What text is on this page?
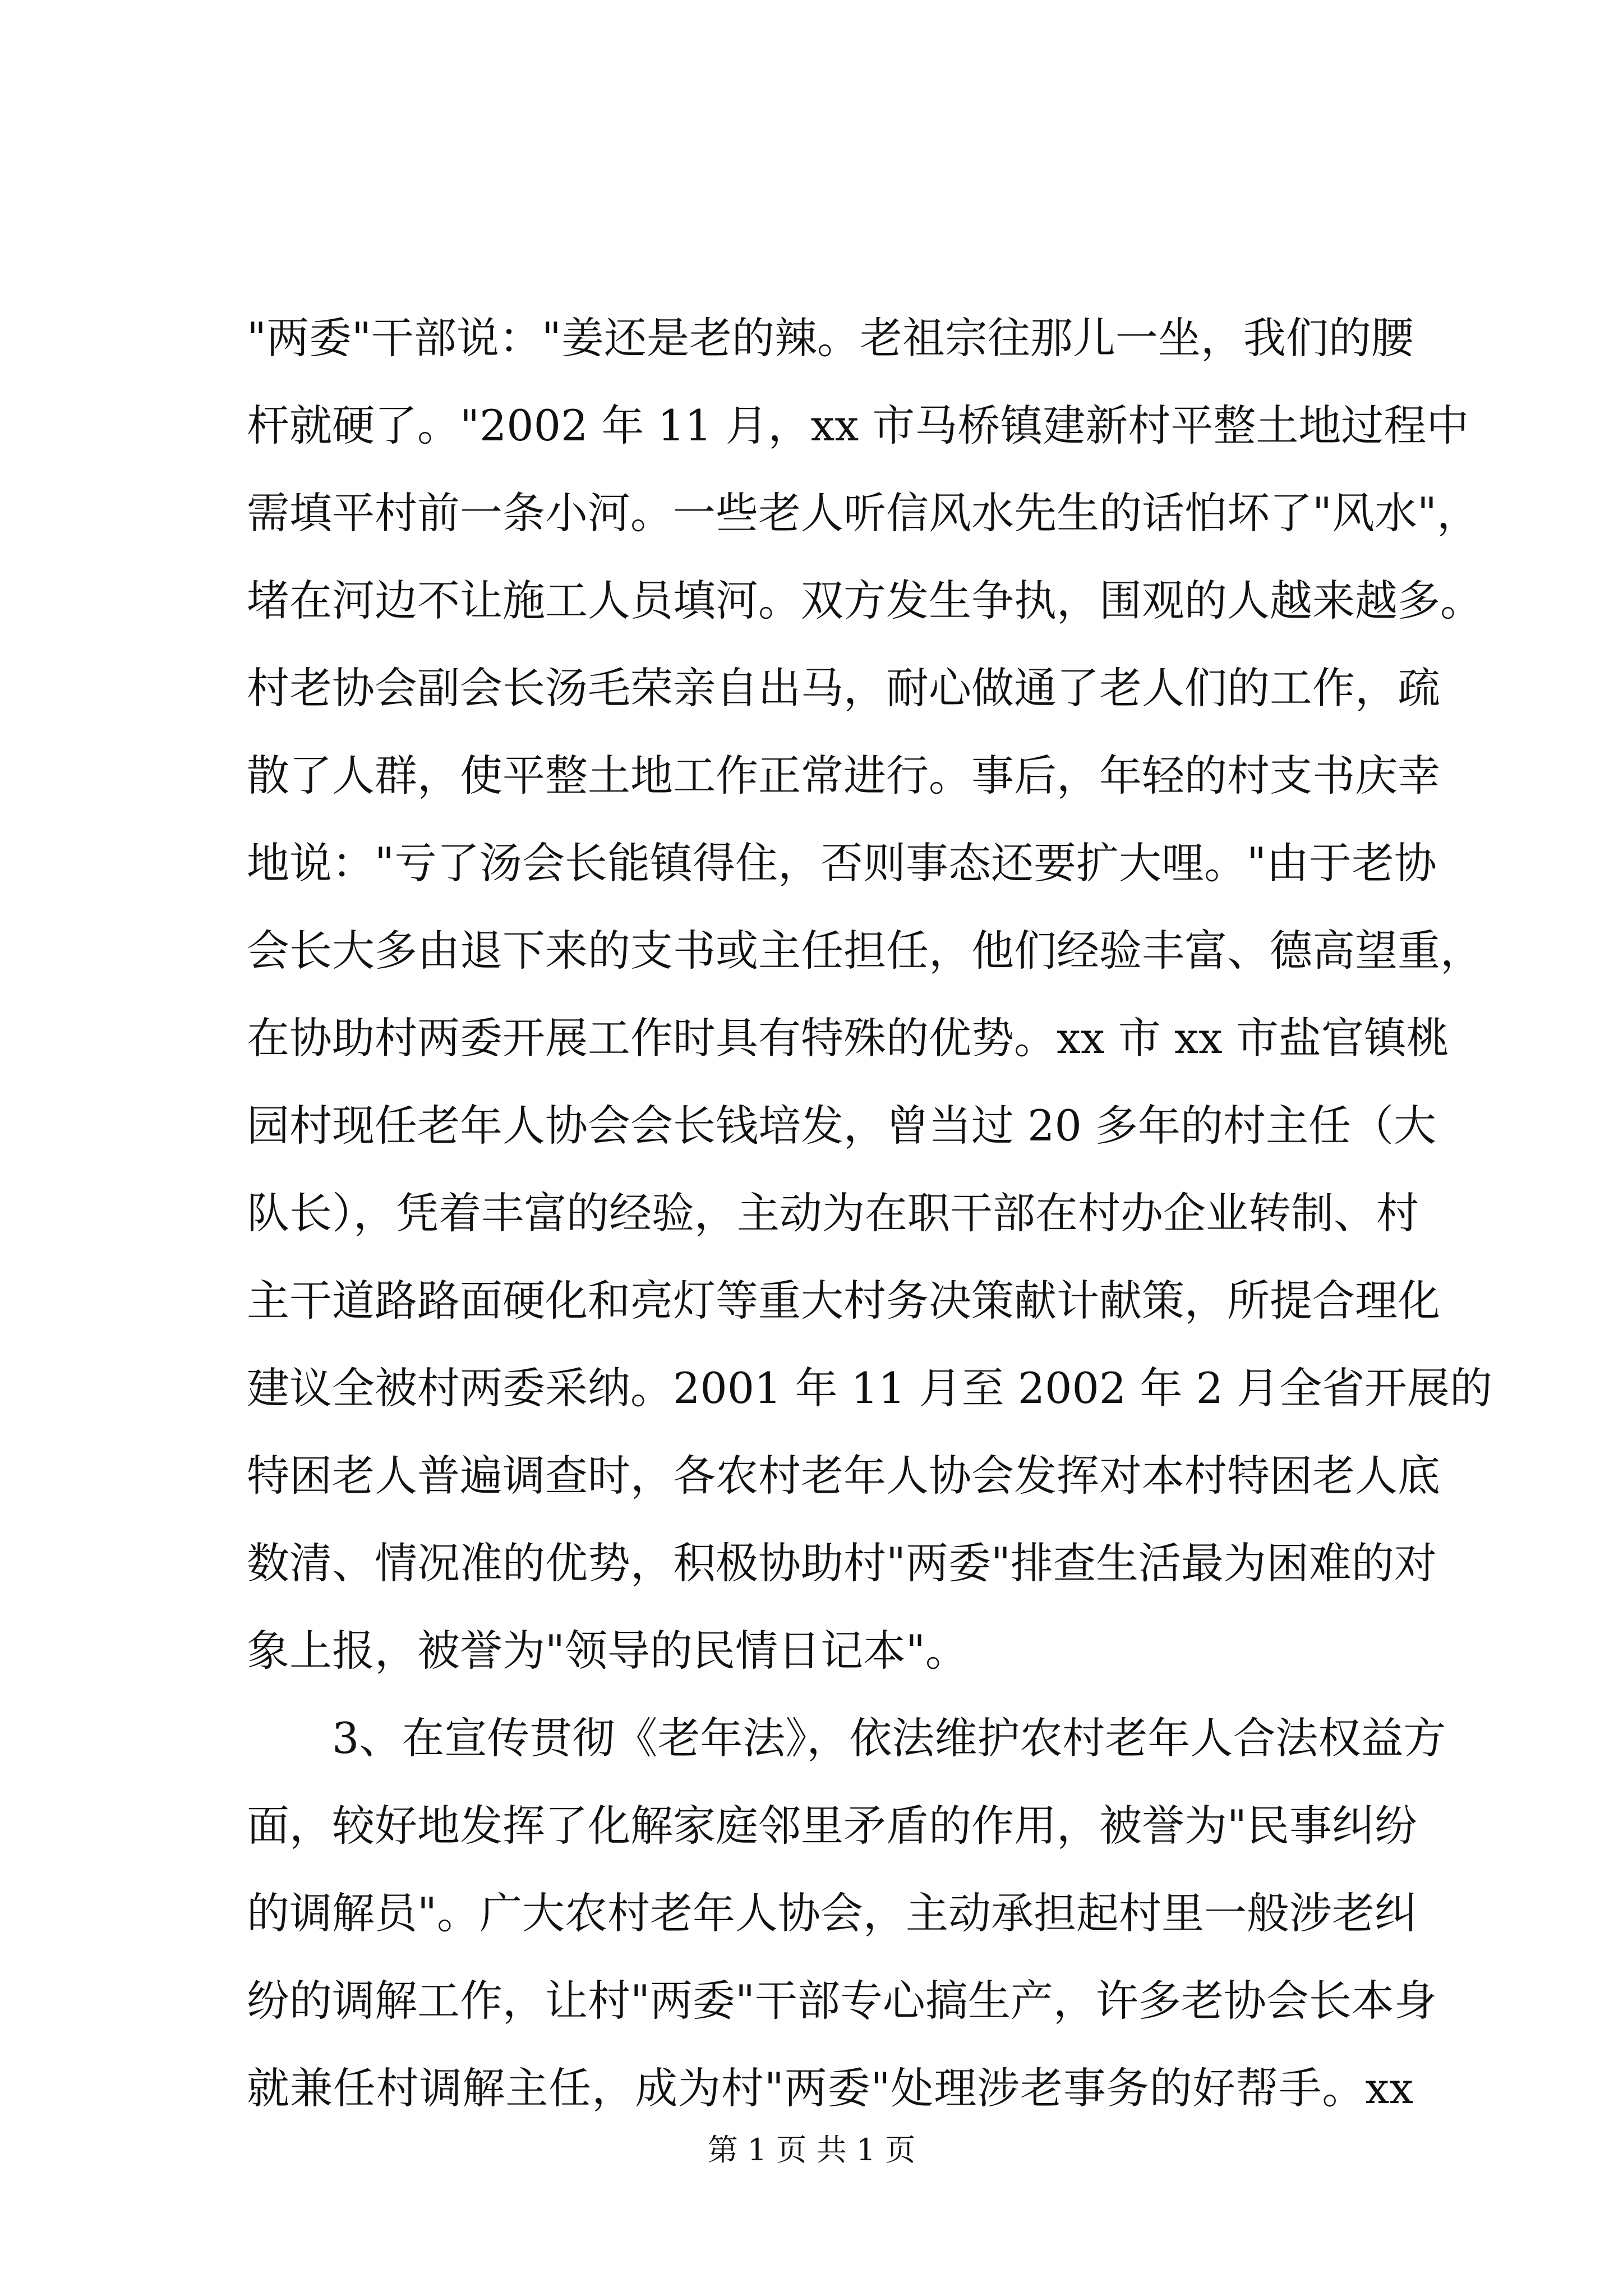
"两委"干部说："姜还是老的辣。老祖宗往那儿一坐，我们的腰
杆就硬了。"2002 年 11 月，xx 市马桥镇建新村平整土地过程中
需填平村前一条小河。一些老人听信风水先生的话怕坏了"风水"，
堵在河边不让施工人员填河。双方发生争执，围观的人越来越多。
村老协会副会长汤毛荣亲自出马，耐心做通了老人们的工作，疏
散了人群，使平整土地工作正常进行。事后，年轻的村支书庆幸
地说："亏了汤会长能镇得住，否则事态还要扩大哩。"由于老协
会长大多由退下来的支书或主任担任，他们经验丰富、德高望重，
在协助村两委开展工作时具有特殊的优势。xx 市 xx 市盐官镇桃
园村现任老年人协会会长钱培发，曾当过 20 多年的村主任（大
队长），凭着丰富的经验，主动为在职干部在村办企业转制、村
主干道路路面硬化和亮灯等重大村务决策献计献策，所提合理化
建议全被村两委采纳。2001 年 11 月至 2002 年 2 月全省开展的
特困老人普遍调查时，各农村老年人协会发挥对本村特困老人底
数清、情况准的优势，积极协助村"两委"排查生活最为困难的对
象上报，被誉为"领导的民情日记本"。
3、在宣传贯彻《老年法》，依法维护农村老年人合法权益方
面，较好地发挥了化解家庭邻里矛盾的作用，被誉为"民事纠纷
的调解员"。广大农村老年人协会，主动承担起村里一般涉老纠
纷的调解工作，让村"两委"干部专心搞生产，许多老协会长本身
就兼任村调解主任，成为村"两委"处理涉老事务的好帮手。xx
第 1 页 共 1 页
